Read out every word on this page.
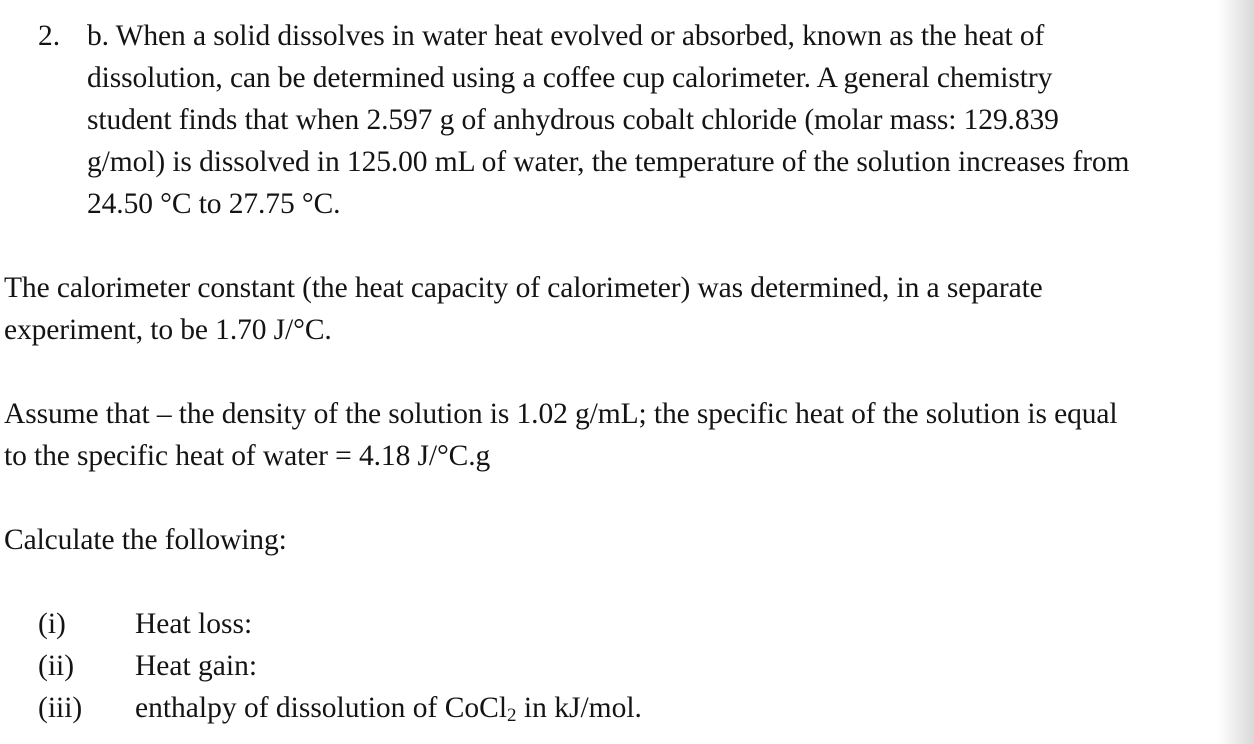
2. b. When a solid dissolves in water heat evolved or absorbed, known as the heat of
dissolution, can be determined using a coffee cup calorimeter. A general chemistry
student finds that when 2.597 g of anhydrous cobalt chloride (molar mass: 129.839
g/mol) is dissolved in 125.00 mL of water, the temperature of the solution increases from
24.50 °C to 27.75 °C.
The calorimeter constant (the heat capacity of calorimeter) was determined, in a separate
experiment, to be 1.70 J/°C.
Assume that – the density of the solution is 1.02 g/mL; the specific heat of the solution is equal
to the specific heat of water = 4.18 J/°C.g
Calculate the following:
(i) Heat loss:
(ii) Heat gain:
(iii) enthalpy of dissolution of CoCl$_2$ in kJ/mol.
